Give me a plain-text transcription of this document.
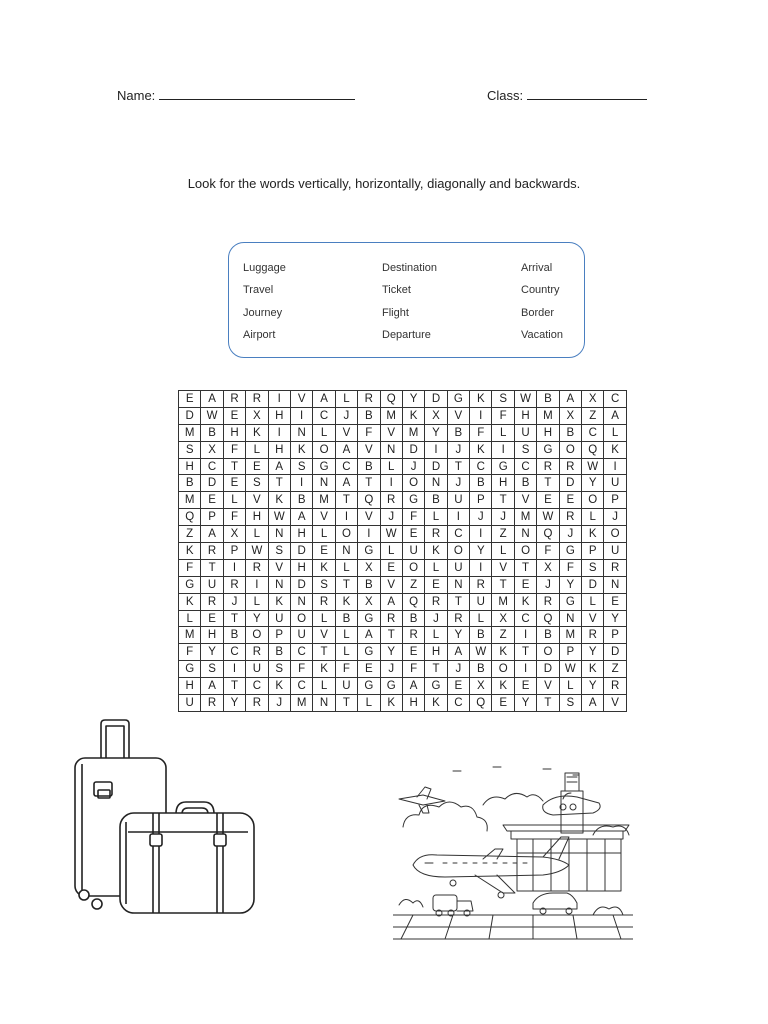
Name:	Class:
Look for the words vertically, horizontally, diagonally and backwards.
Luggage
Travel
Journey
Airport
Destination
Ticket
Flight
Departure
Arrival
Country
Border
Vacation
E	A	R	R	I	V	A	L	R	Q	Y	D	G	K	S	W	B	A	X	C
D	W	E	X	H	I	C	J	B	M	K	X	V	I	F	H	M	X	Z	A
M	B	H	K	I	N	L	V	F	V	M	Y	B	F	L	U	H	B	C	L
S	X	F	L	H	K	O	A	V	N	D	I	J	K	I	S	G	O	Q	K
H	C	T	E	A	S	G	C	B	L	J	D	T	C	G	C	R	R	W	I
B	D	E	S	T	I	N	A	T	I	O	N	J	B	H	B	T	D	Y	U
M	E	L	V	K	B	M	T	Q	R	G	B	U	P	T	V	E	E	O	P
Q	P	F	H	W	A	V	I	V	J	F	L	I	J	J	M	W	R	L	J
Z	A	X	L	N	H	L	O	I	W	E	R	C	I	Z	N	Q	J	K	O
K	R	P	W	S	D	E	N	G	L	U	K	O	Y	L	O	F	G	P	U
F	T	I	R	V	H	K	L	X	E	O	L	U	I	V	T	X	F	S	R
G	U	R	I	N	D	S	T	B	V	Z	E	N	R	T	E	J	Y	D	N
K	R	J	L	K	N	R	K	X	A	Q	R	T	U	M	K	R	G	L	E
L	E	T	Y	U	O	L	B	G	R	B	J	R	L	X	C	Q	N	V	Y
M	H	B	O	P	U	V	L	A	T	R	L	Y	B	Z	I	B	M	R	P
F	Y	C	R	B	C	T	L	G	Y	E	H	A	W	K	T	O	P	Y	D
G	S	I	U	S	F	K	F	E	J	F	T	J	B	O	I	D	W	K	Z
H	A	T	C	K	C	L	U	G	G	A	G	E	X	K	E	V	L	Y	R
U	R	Y	R	J	M	N	T	L	K	H	K	C	Q	E	Y	T	S	A	V
